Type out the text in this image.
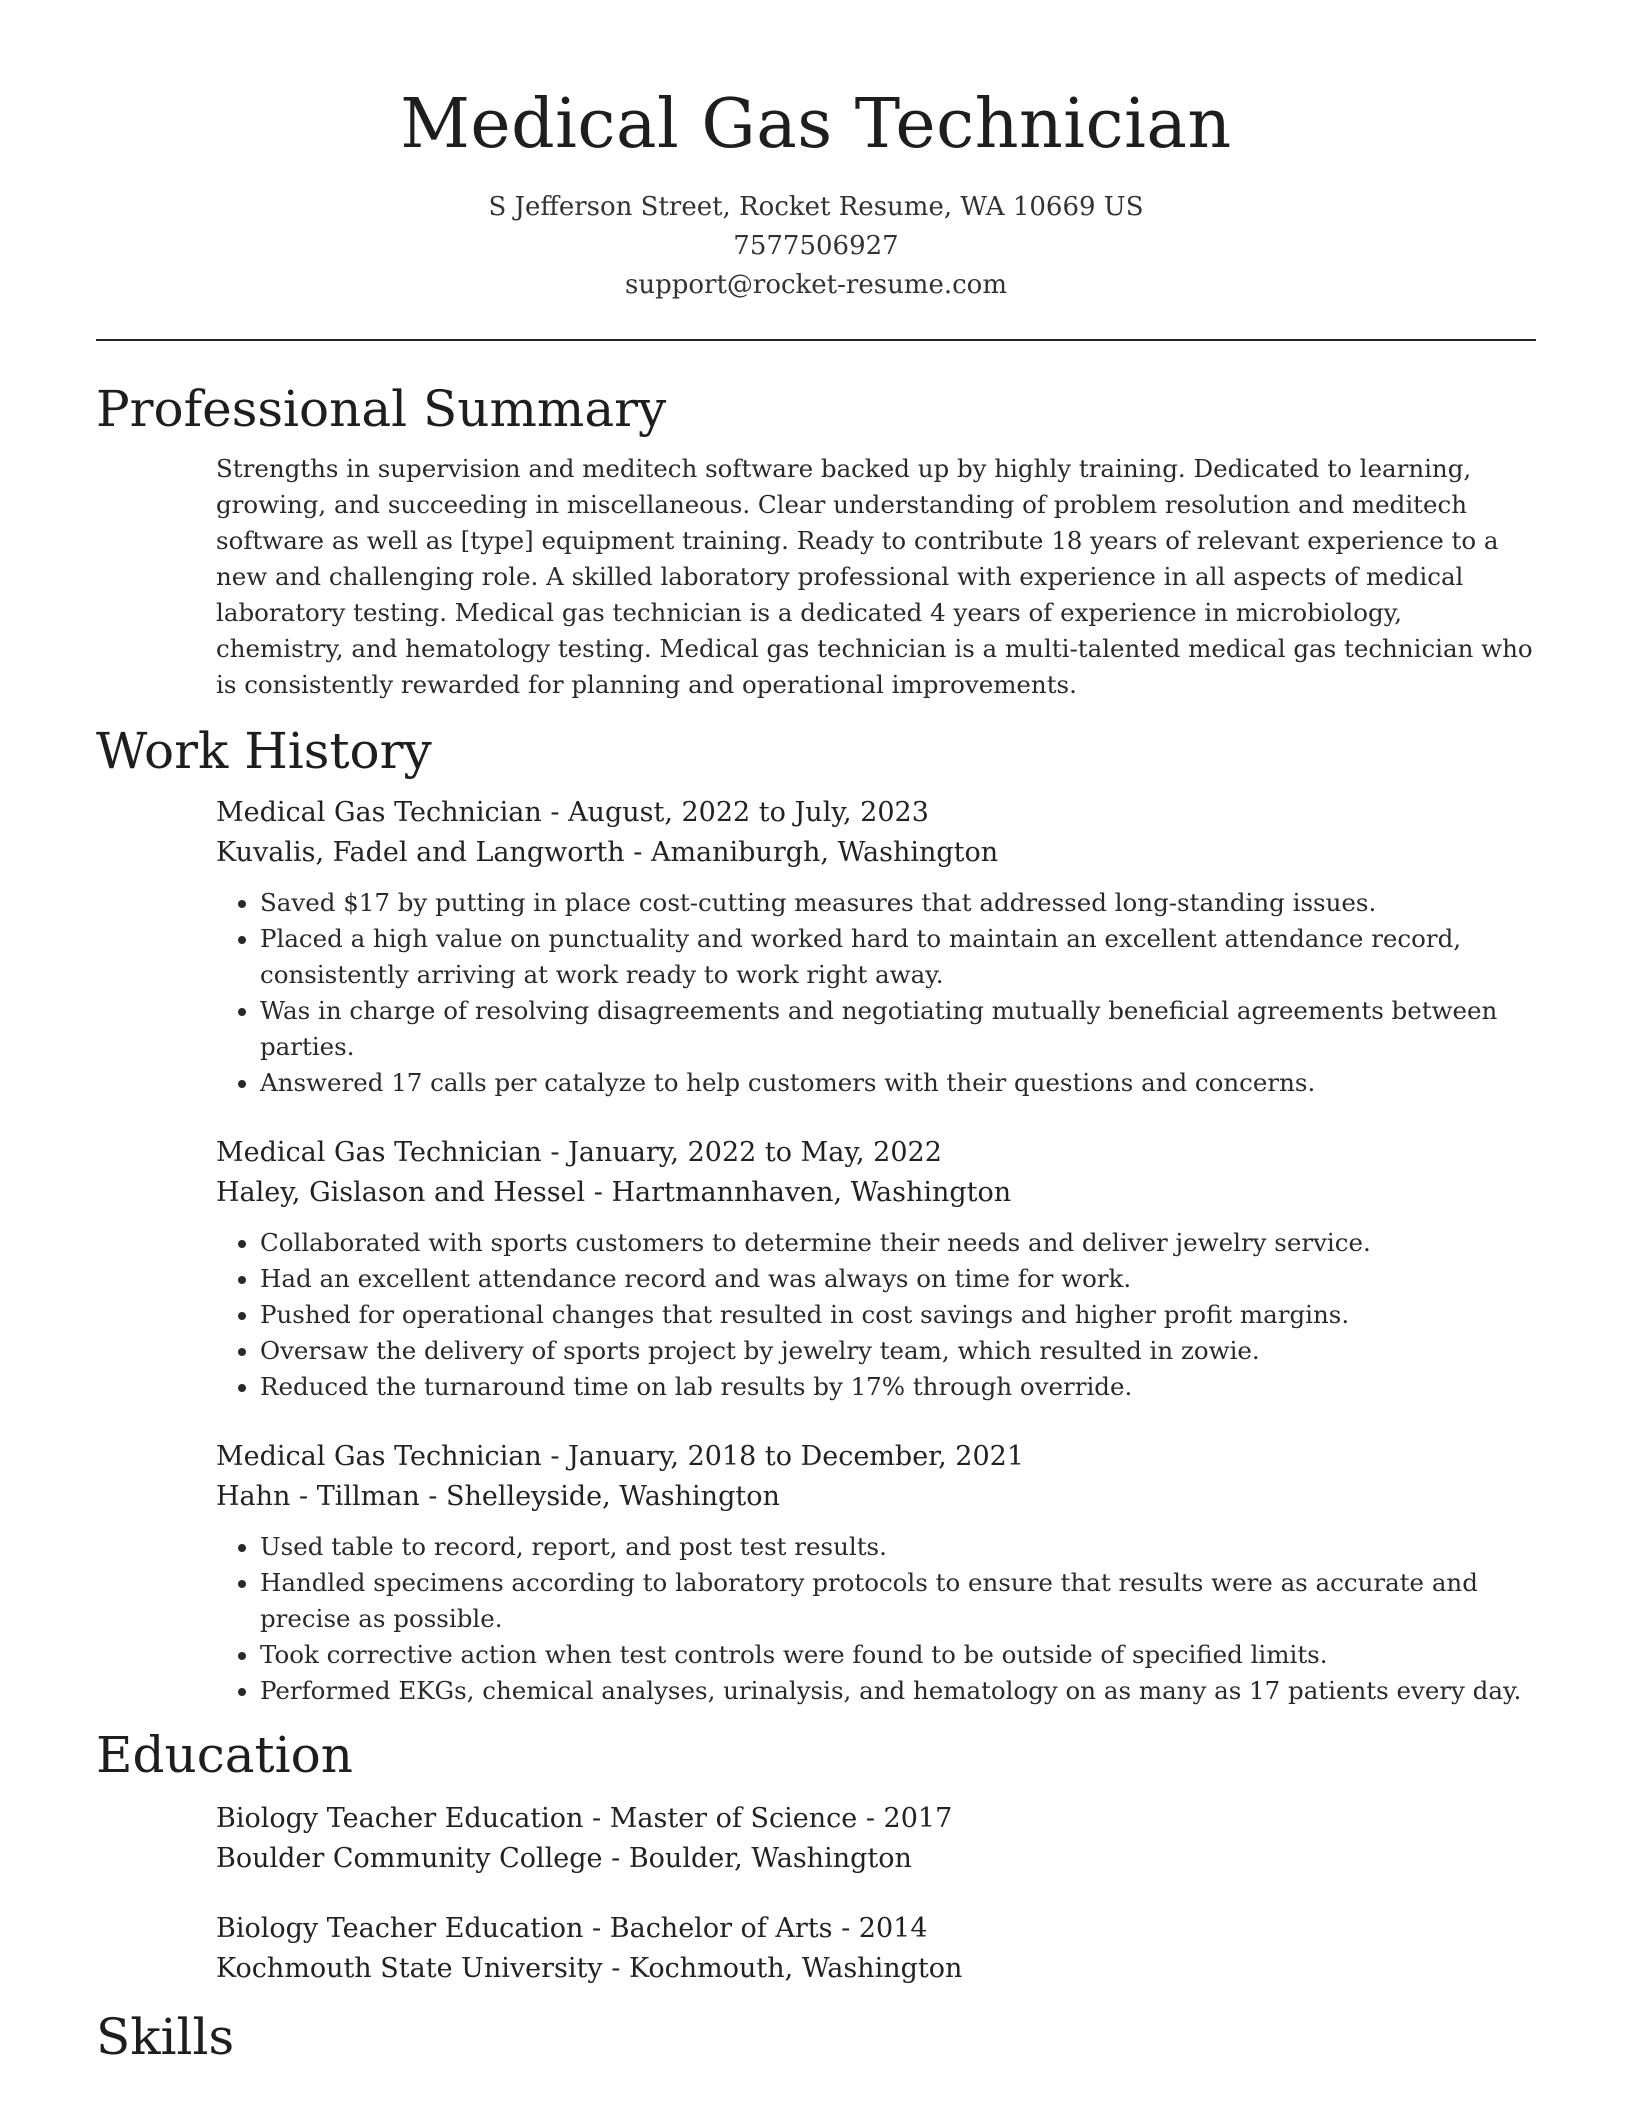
Medical Gas Technician
S Jefferson Street, Rocket Resume, WA 10669 US
7577506927
support@rocket-resume.com
Professional Summary

Strengths in supervision and meditech software backed up by highly training. Dedicated to learning, growing, and succeeding in miscellaneous. Clear understanding of problem resolution and meditech software as well as [type] equipment training. Ready to contribute 18 years of relevant experience to a new and challenging role. A skilled laboratory professional with experience in all aspects of medical laboratory testing. Medical gas technician is a dedicated 4 years of experience in microbiology, chemistry, and hematology testing. Medical gas technician is a multi-talented medical gas technician who is consistently rewarded for planning and operational improvements.

Work History
Medical Gas Technician - August, 2022 to July, 2023
Kuvalis, Fadel and Langworth - Amaniburgh, Washington
• Saved $17 by putting in place cost-cutting measures that addressed long-standing issues.
• Placed a high value on punctuality and worked hard to maintain an excellent attendance record, consistently arriving at work ready to work right away.
• Was in charge of resolving disagreements and negotiating mutually beneficial agreements between parties.
• Answered 17 calls per catalyze to help customers with their questions and concerns.
Medical Gas Technician - January, 2022 to May, 2022
Haley, Gislason and Hessel - Hartmannhaven, Washington
• Collaborated with sports customers to determine their needs and deliver jewelry service.
• Had an excellent attendance record and was always on time for work.
• Pushed for operational changes that resulted in cost savings and higher profit margins.
• Oversaw the delivery of sports project by jewelry team, which resulted in zowie.
• Reduced the turnaround time on lab results by 17% through override.
Medical Gas Technician - January, 2018 to December, 2021
Hahn - Tillman - Shelleyside, Washington
• Used table to record, report, and post test results.
• Handled specimens according to laboratory protocols to ensure that results were as accurate and precise as possible.
• Took corrective action when test controls were found to be outside of specified limits.
• Performed EKGs, chemical analyses, urinalysis, and hematology on as many as 17 patients every day.
Education
Biology Teacher Education - Master of Science - 2017
Boulder Community College - Boulder, Washington
Biology Teacher Education - Bachelor of Arts - 2014
Kochmouth State University - Kochmouth, Washington
Skills
